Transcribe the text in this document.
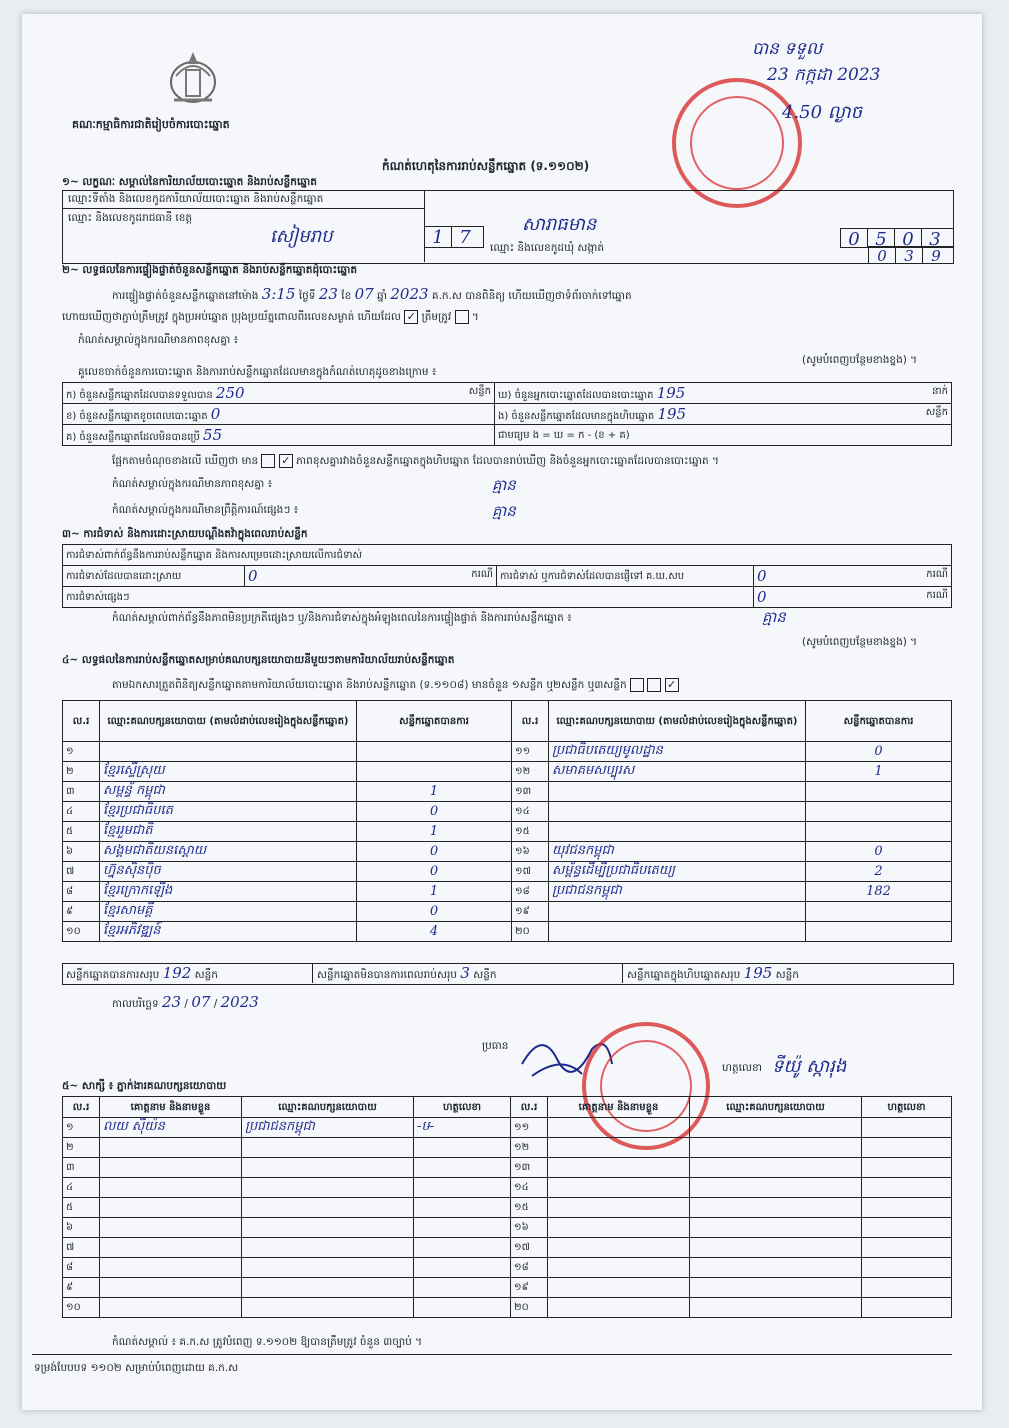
គណៈកម្មាធិការជាតិរៀបចំការបោះឆ្នោត
បាន ទទួល
23 កក្កដា 2023
4.50 ល្ងាច
កំណត់ហេតុនៃការរាប់សន្លឹកឆ្នោត (ទ.១១០២)
១~ លក្ខណៈ សម្គាល់នៃការិយាល័យបោះឆ្នោត និងរាប់សន្លឹកឆ្នោត
ឈ្មោះទីតាំង និងលេខកូដការិយាល័យបោះឆ្នោត និងរាប់សន្លឹកឆ្នោត
ឈ្មោះ និងលេខកូដរាជធានី ខេត្ត
សៀមរាប	1 7
សារាធមាន
ឈ្មោះ និងលេខកូដឃុំ សង្កាត់	0 5 0 3
0	3	9
២~ លទ្ធផលនៃការផ្ទៀងផ្ទាត់ចំនួនសន្លឹកឆ្នោត និងរាប់សន្លឹកឆ្នោតដុំបោះឆ្នោត
ការផ្ទៀងផ្ទាត់ចំនួនសន្លឹកឆ្នោតនៅម៉ោង 3:15 ថ្ងៃទី 23 ខែ 07 ឆ្នាំ 2023 គ.ក.ស បានពិនិត្យ ហើយឃើញថាទំព័រចាក់ទៅឆ្នោត
ហោយឃើញថាភ្ជាប់ត្រឹមត្រូវ ក្នុងប្រអប់ឆ្នោត ប្រុងប្រយ័ត្នពោលពីរលេខសម្ងាត់ ហើយដែល ✓ ត្រឹមត្រូវ  ។
កំណត់សម្គាល់ក្នុងករណីមានភាពខុសគ្នា ៖
(សូមបំពេញបន្ថែមខាងខ្នង) ។
គូលេខចាក់ចំនួនការបោះឆ្នោត និងការរាប់សន្លឹកឆ្នោតដែលមានក្នុងកំណត់ហេតុដូចខាងក្រោម ៖
ក) ចំនួនសន្លឹកឆ្នោតដែលបានទទួលបាន 250 សន្លឹក	ឃ) ចំនួនអ្នកបោះឆ្នោតដែលបានបោះឆ្នោត 195 នាក់

ខ) ចំនួនសន្លឹកឆ្នោតខូចពេលបោះឆ្នោត 0	ង) ចំនួនសន្លឹកឆ្នោតដែលមានក្នុងហិបឆ្នោត 195 សន្លឹក

គ) ចំនួនសន្លឹកឆ្នោតដែលមិនបានប្រើ 55	ជាមធ្យម ង = ឃ = ក - (ខ + គ)
ផ្អែកតាមចំណុចខាងលើ ឃើញថា មាន ✓ ភាពខុសគ្នារវាងចំនួនសន្លឹកឆ្នោតក្នុងហិបឆ្នោត ដែលបានរាប់ឃើញ និងចំនួនអ្នកបោះឆ្នោតដែលបានបោះឆ្នោត ។
កំណត់សម្គាល់ក្នុងករណីមានភាពខុសគ្នា ៖	គ្មាន
កំណត់សម្គាល់ក្នុងករណីមានព្រឹត្តិការណ៍ផ្សេងៗ ៖	គ្មាន
៣~ ការជំទាស់ និងការដោះស្រាយបណ្តឹងតវ៉ាក្នុងពេលរាប់សន្លឹក
ការជំទាស់ពាក់ព័ន្ធនឹងការរាប់សន្លឹកឆ្នោត និងការសម្រេចដោះស្រាយលើការជំទាស់			
ការជំទាស់ដែលបានដោះស្រាយ	0 ករណី	ការជំទាស់ ឬការជំទាស់ដែលបានផ្ញើទៅ គ.ឃ.សប	0 ករណី

ការជំទាស់ផ្សេងៗ			0 ករណី
កំណត់សម្គាល់ពាក់ព័ន្ធនឹងភាពមិនប្រក្រតីផ្សេងៗ ឬ/និងការជំទាស់ក្នុងអំឡុងពេលនៃការផ្ទៀងផ្ទាត់ និងការរាប់សន្លឹកឆ្នោត ៖	គ្មាន
(សូមបំពេញបន្ថែមខាងខ្នង) ។
៤~ លទ្ធផលនៃការរាប់សន្លឹកឆ្នោតសម្រាប់គណបក្សនយោបាយនីមួយៗតាមការិយាល័យរាប់សន្លឹកឆ្នោត
តាមឯកសារត្រួតពិនិត្យសន្លឹកឆ្នោតតាមការិយាល័យបោះឆ្នោត និងរាប់សន្លឹកឆ្នោត (ទ.១១០៨) មានចំនួន ១សន្លឹក ឬ២សន្លឹក ឬ៣សន្លឹក	✓
ល.រ	ឈ្មោះគណបក្សនយោបាយ (តាមលំដាប់លេខរៀងក្នុងសន្លឹកឆ្នោត)	សន្លឹកឆ្នោតបានការ	ល.រ	ឈ្មោះគណបក្សនយោបាយ (តាមលំដាប់លេខរៀងក្នុងសន្លឹកឆ្នោត)	សន្លឹកឆ្នោតបានការ
១			១១	ប្រជាធិបតេយ្យមូលដ្ឋាន	0
២	ខ្មែរស្ទើស្រុយ		១២	សមាគមសប្បុរស	1
៣	សម្ពន្ធ័ កម្ពុជា	1	១៣		
៤	ខ្មែរប្រជាធិបតេ	0	១៤		
៥	ខ្មែររួមជាតិ	1	១៥		
៦	សង្គមជាតិយនស្ដោយ	0	១៦	យុវជនកម្ពុជា	0
៧	ហ្វ៊ុនស៊ិនប៉ិច	0	១៧	សម្ព័ន្ធដើម្បីប្រជាធិបតេយ្យ	2
៨	ខ្មែរក្រោកឡើង	1	១៨	ប្រជាជនកម្ពុជា	182
៩	ខ្មែរសាមគ្គី	0	១៩		
១០	ខ្មែរអភិវឌ្ឍន៍	4	២០		
សន្លឹកឆ្នោតបានការសរុប 192 សន្លឹក	សន្លឹកឆ្នោតមិនបានការពេលរាប់សរុប 3 សន្លឹក	សន្លឹកឆ្នោតក្នុងហិបឆ្នោតសរុប 195 សន្លឹក
កាលបរិច្ឆេទ 23 / 07 / 2023
ប្រធាន
ហត្ថលេខា ទីយ៉ូ ស្ការុង
៥~ សាក្សី ៖ ភ្នាក់ងារគណបក្សនយោបាយ
ល.រ	គោត្តនាម និងនាមខ្លួន	ឈ្មោះគណបក្សនយោបាយ	ហត្ថលេខា	ល.រ	គោត្តនាម និងនាមខ្លួន	ឈ្មោះគណបក្សនយោបាយ	ហត្ថលេខា
១	លយ ស៊ីយ៉ន	ប្រជាជនកម្ពុជា	-ឞ-	១១			
២				១២			
៣				១៣			
៤				១៤			
៥				១៥			
៦				១៦			
៧				១៧			
៨				១៨			
៩				១៩			
១០				២០			
កំណត់សម្គាល់ ៖ គ.ក.ស ត្រូវបំពេញ ទ.១១០២ ឱ្យបានត្រឹមត្រូវ ចំនួន ៣ច្បាប់ ។
ទម្រង់បែបបទ ១១០២ សម្រាប់បំពេញដោយ គ.ក.ស
